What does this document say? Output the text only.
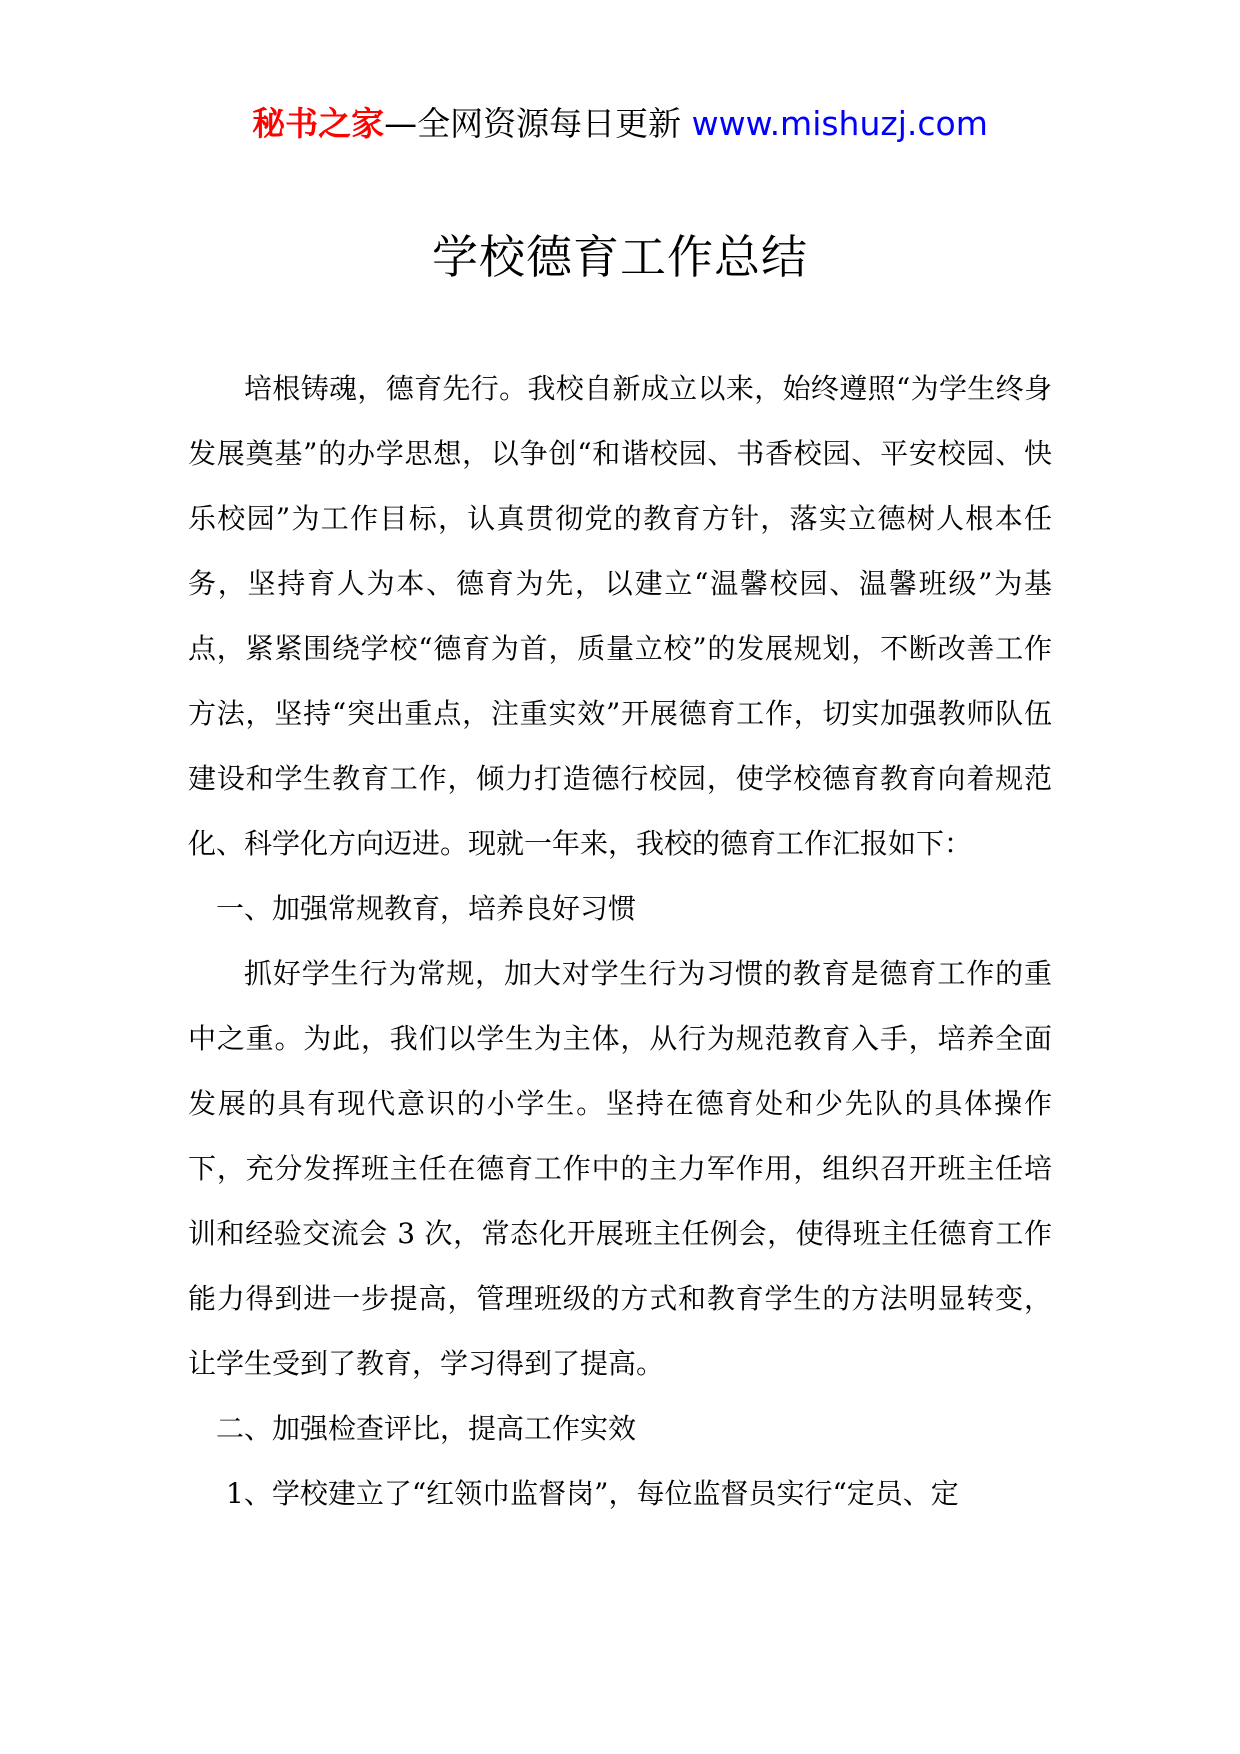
秘书之家—全网资源每日更新 www.mishuzj.com
学校德育工作总结

培根铸魂，德育先行。我校自新成立以来，始终遵照“为学生终身发展奠基”的办学思想，以争创“和谐校园、书香校园、平安校园、快乐校园”为工作目标，认真贯彻党的教育方针，落实立德树人根本任务，坚持育人为本、德育为先，以建立“温馨校园、温馨班级”为基点，紧紧围绕学校“德育为首，质量立校”的发展规划，不断改善工作方法，坚持“突出重点，注重实效”开展德育工作，切实加强教师队伍建设和学生教育工作，倾力打造德行校园，使学校德育教育向着规范化、科学化方向迈进。现就一年来，我校的德育工作汇报如下：

一、加强常规教育，培养良好习惯

抓好学生行为常规，加大对学生行为习惯的教育是德育工作的重中之重。为此，我们以学生为主体，从行为规范教育入手，培养全面发展的具有现代意识的小学生。坚持在德育处和少先队的具体操作下，充分发挥班主任在德育工作中的主力军作用，组织召开班主任培训和经验交流会 3 次，常态化开展班主任例会，使得班主任德育工作能力得到进一步提高，管理班级的方式和教育学生的方法明显转变，让学生受到了教育，学习得到了提高。

二、加强检查评比，提高工作实效

1、学校建立了“红领巾监督岗”，每位监督员实行“定员、定
